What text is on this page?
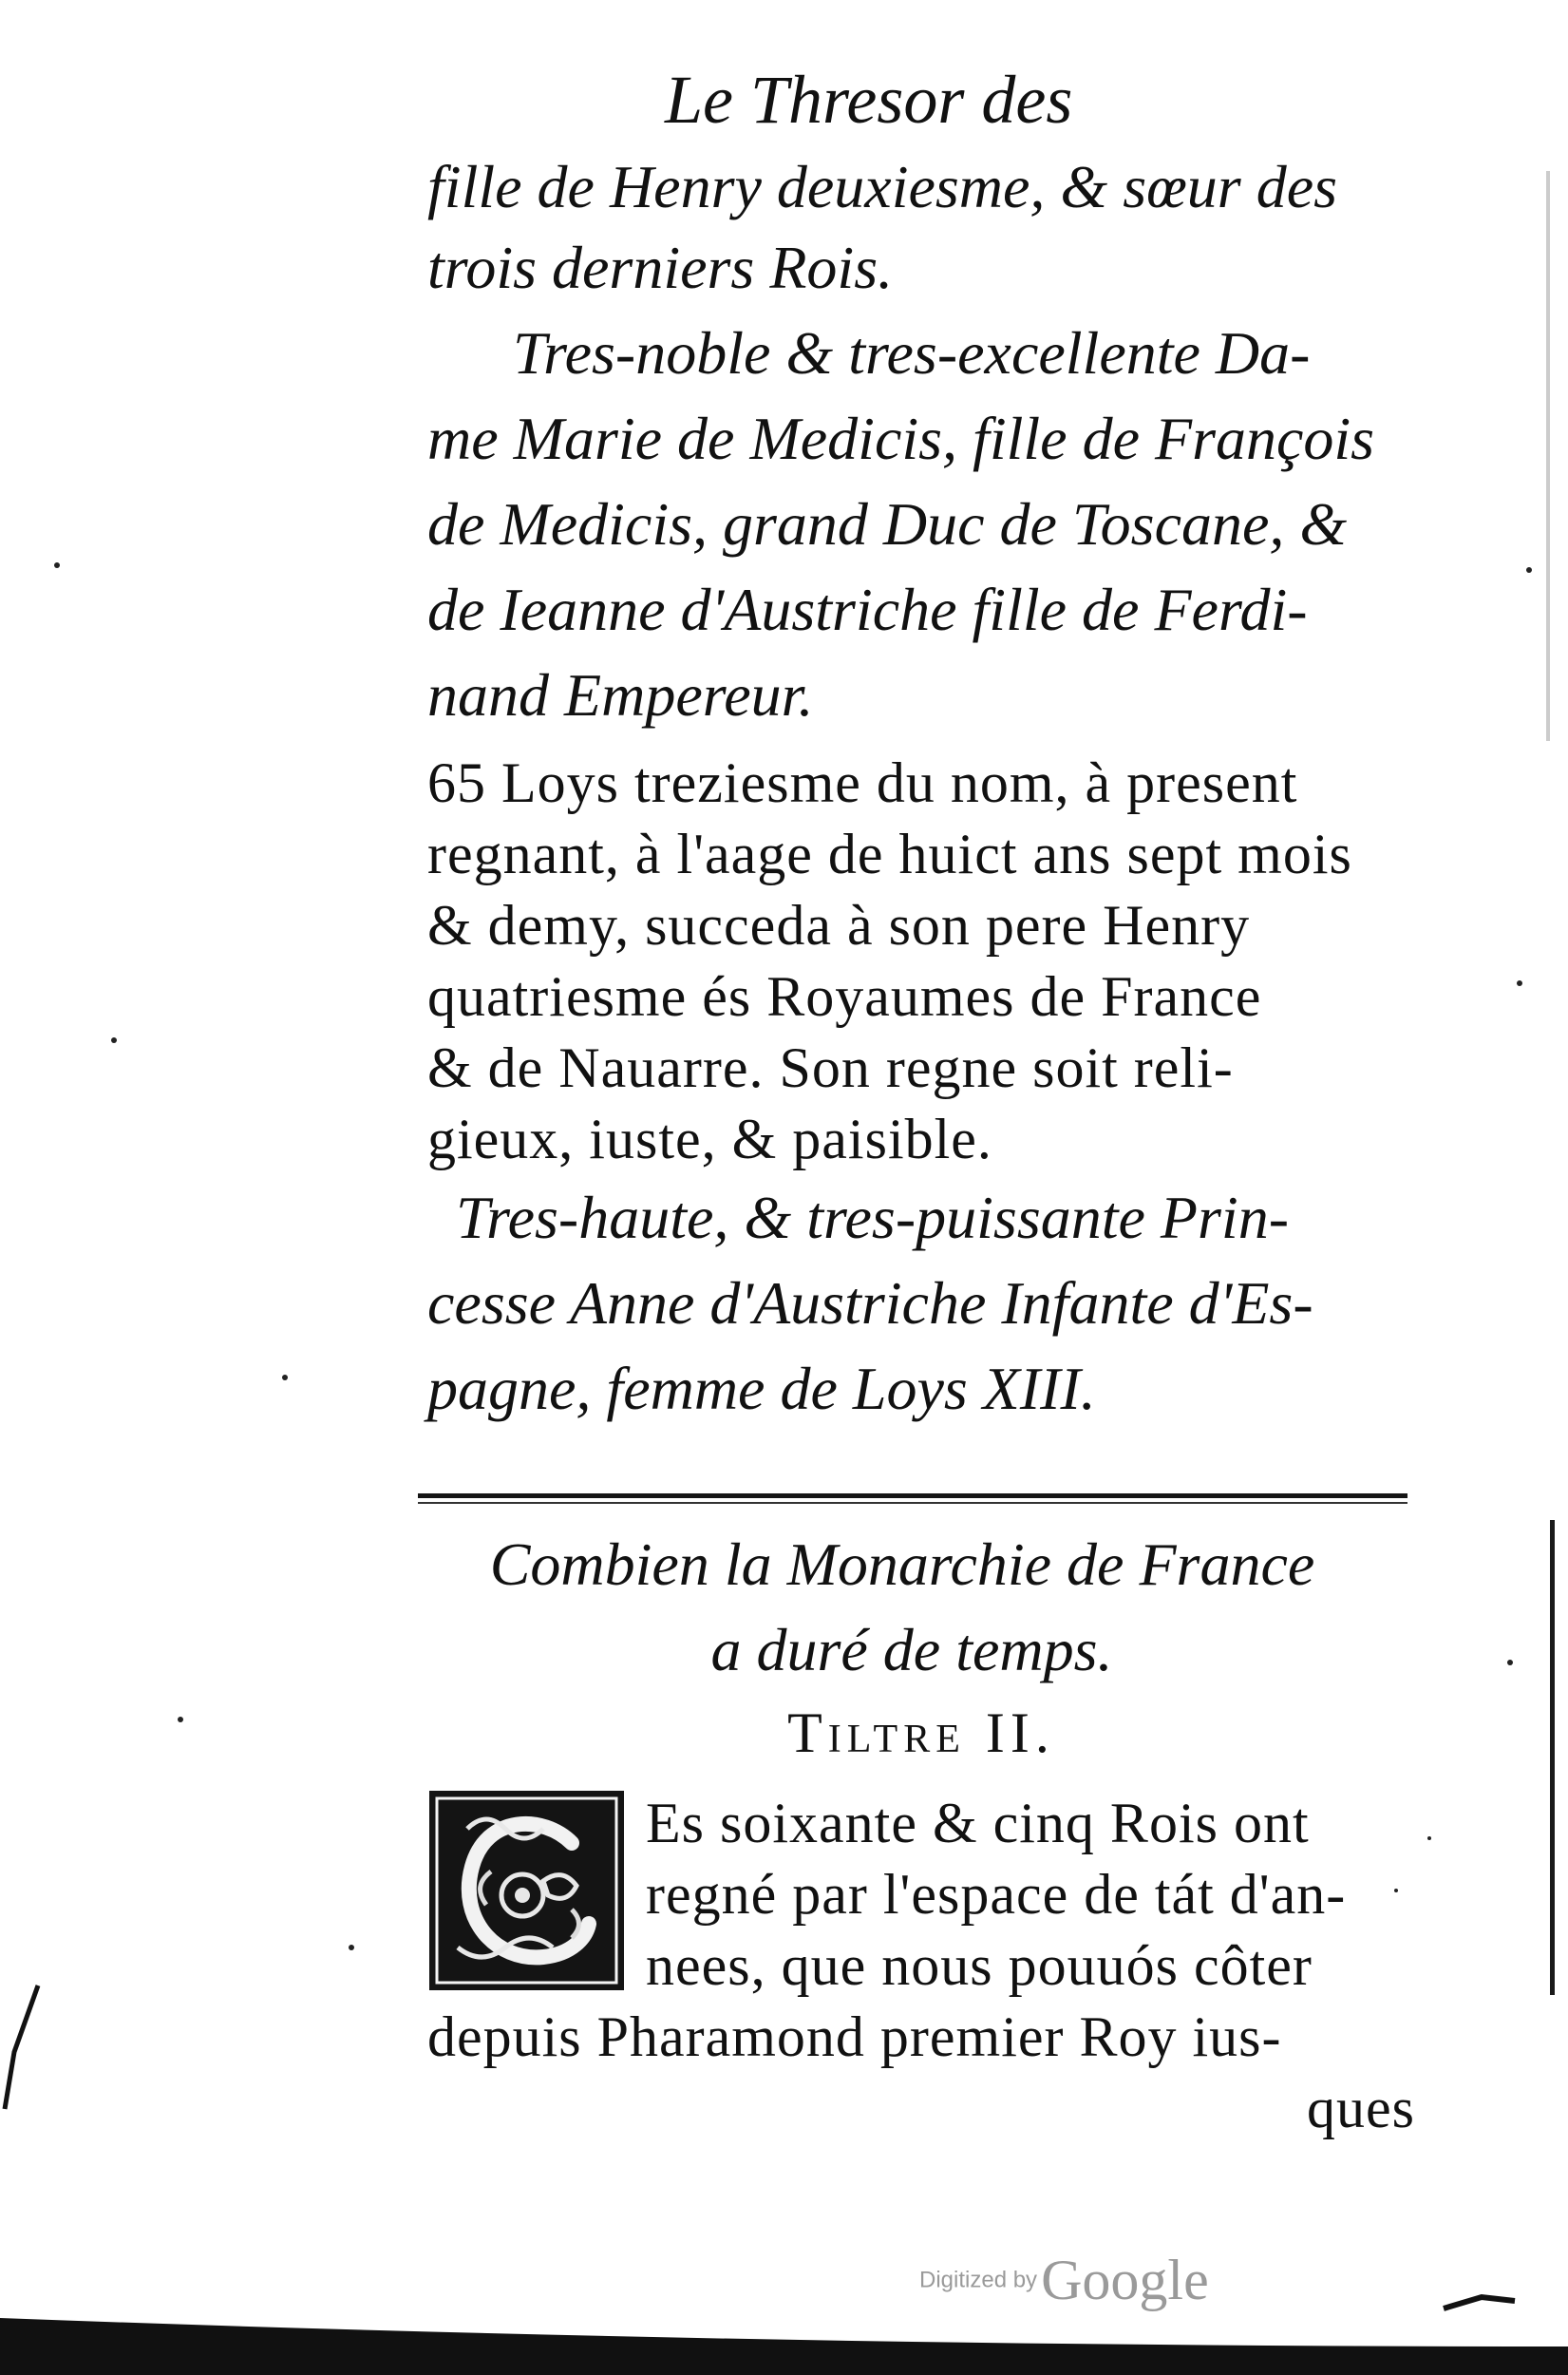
Le Thresor des
fille de Henry deuxiesme, & sœur des
trois derniers Rois.
Tres-noble & tres-excellente Da-
me Marie de Medicis, fille de François
de Medicis, grand Duc de Toscane, &
de Ieanne d'Austriche fille de Ferdi-
nand Empereur.
65 Loys treziesme du nom, à present
regnant, à l'aage de huict ans sept mois
& demy, succeda à son pere Henry
quatriesme és Royaumes de France
& de Nauarre. Son regne soit reli-
gieux, iuste, & paisible.
Tres-haute, & tres-puissante Prin-
cesse Anne d'Austriche Infante d'Es-
pagne, femme de Loys XIII.
Combien la Monarchie de France
a duré de temps.
Tiltre II.
Es soixante & cinq Rois ont
regné par l'espace de tát d'an-
nees, que nous pouuós côter
depuis Pharamond premier Roy ius-
ques
Digitized by Google
